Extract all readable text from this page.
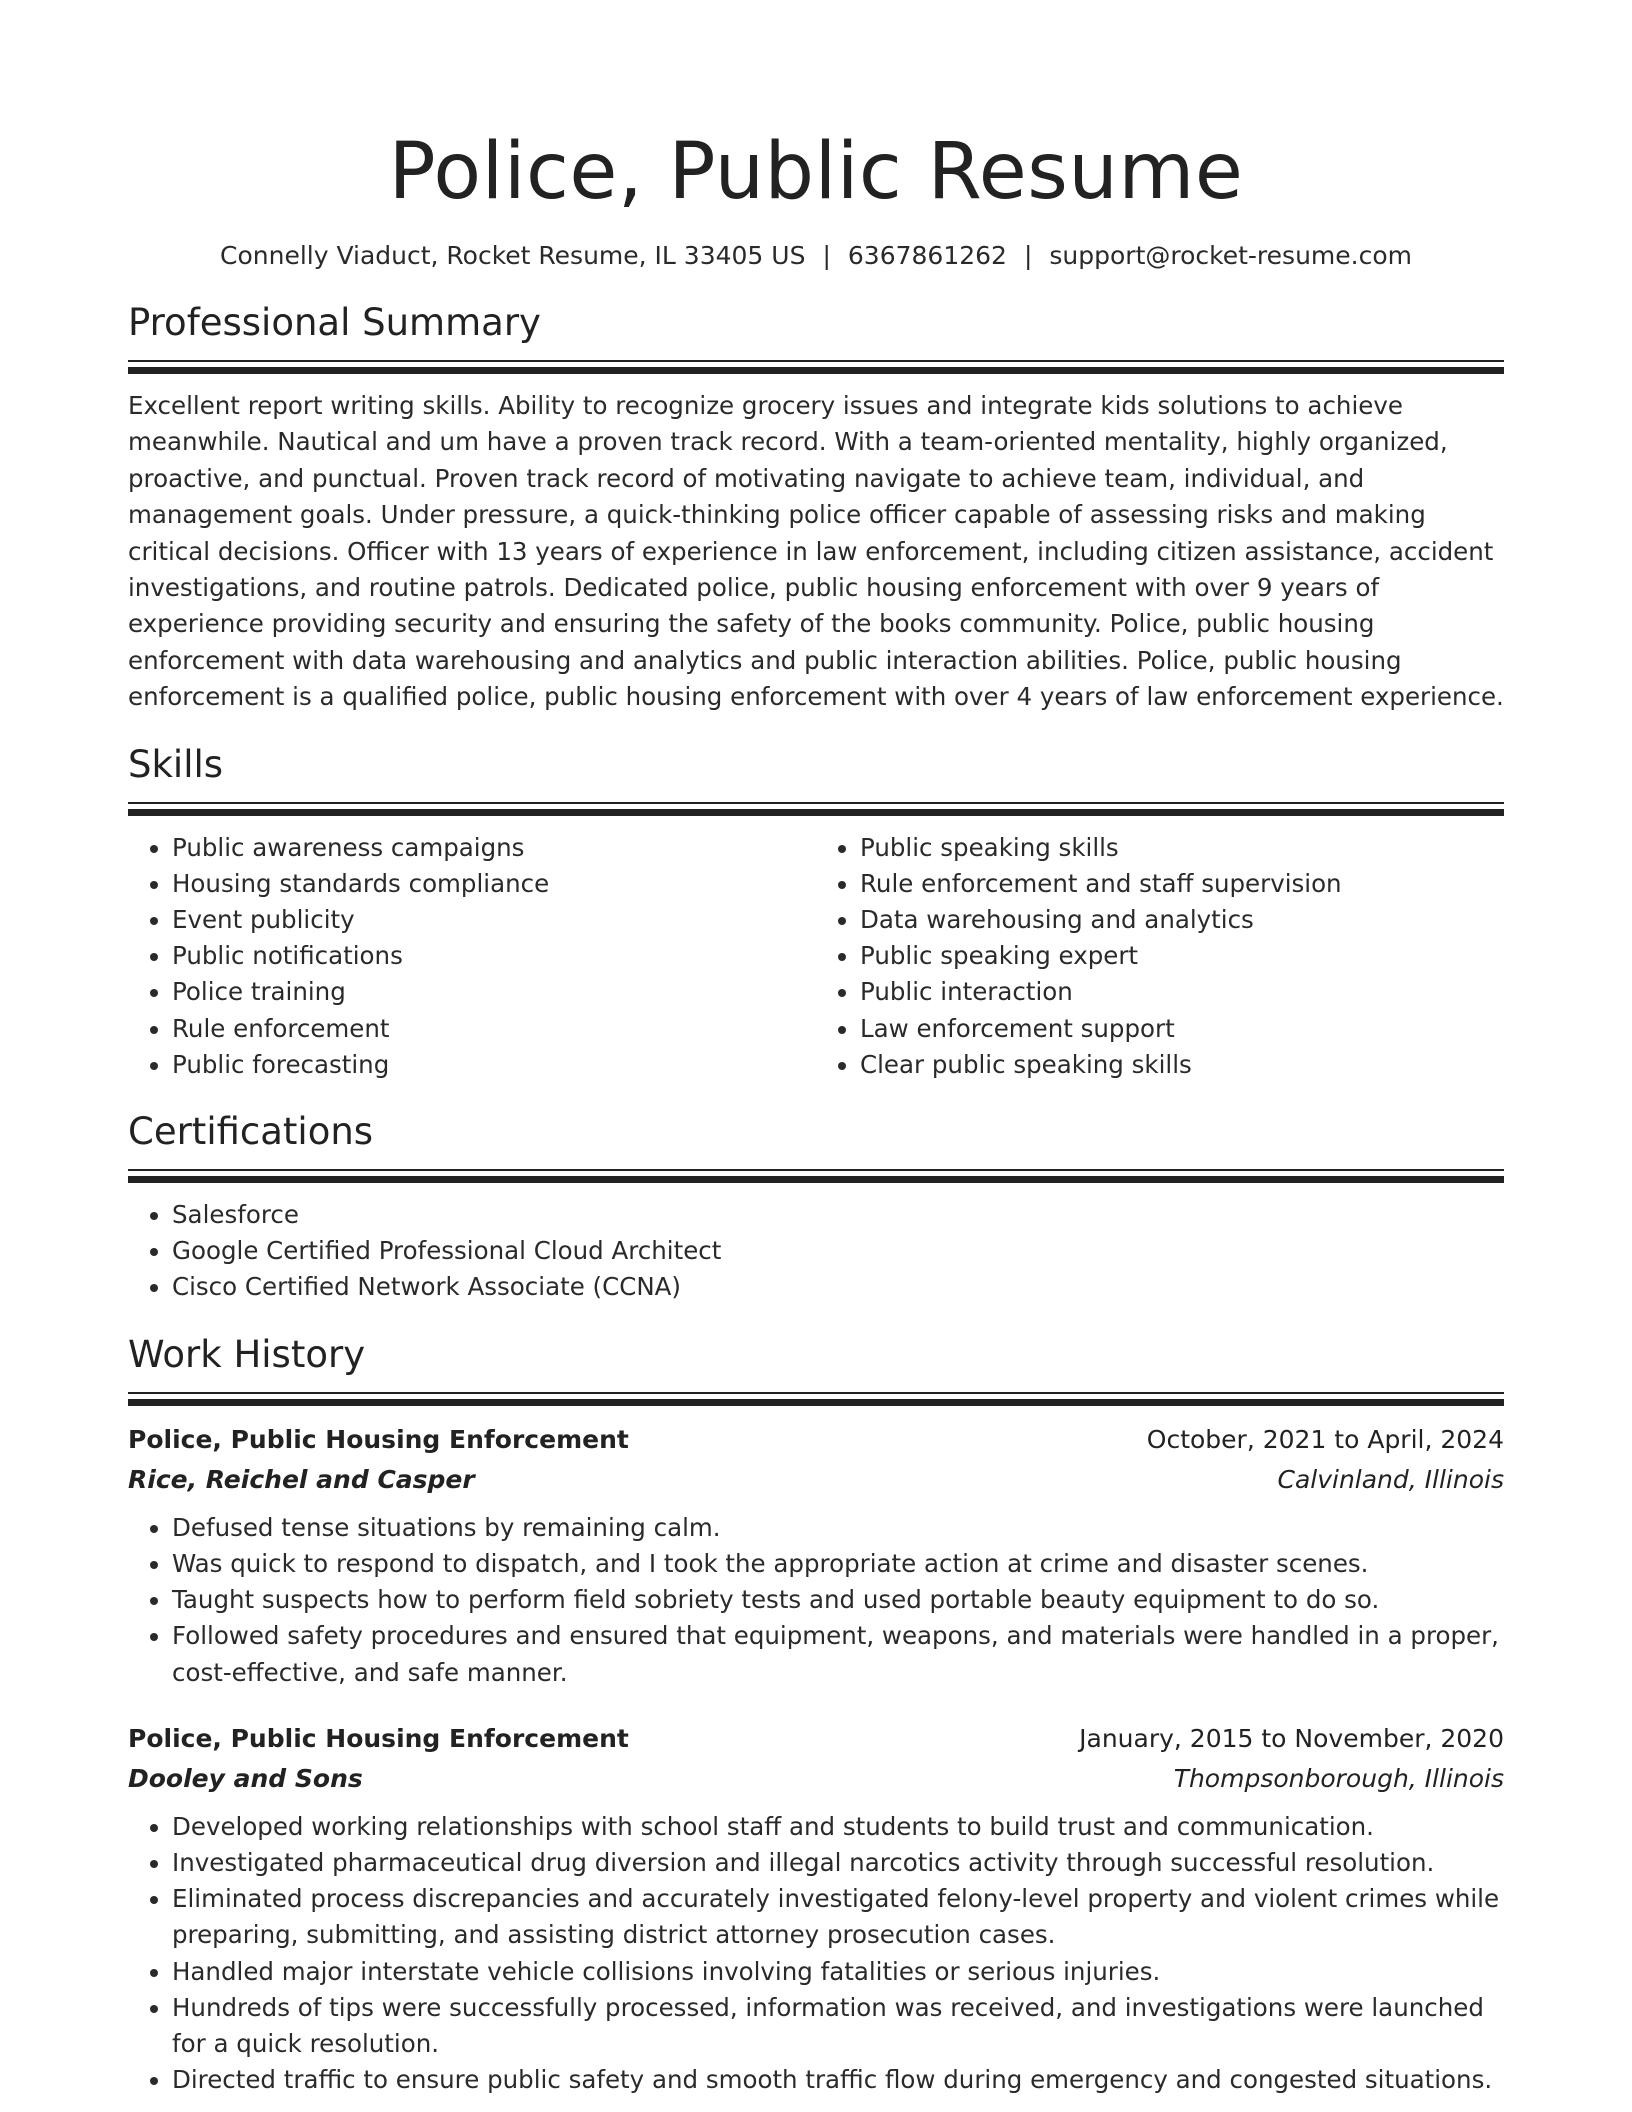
Police, Public Resume
Connelly Viaduct, Rocket Resume, IL 33405 US | 6367861262 | support@rocket-resume.com
Professional Summary

Excellent report writing skills. Ability to recognize grocery issues and integrate kids solutions to achieve meanwhile. Nautical and um have a proven track record. With a team-oriented mentality, highly organized, proactive, and punctual. Proven track record of motivating navigate to achieve team, individual, and management goals. Under pressure, a quick-thinking police officer capable of assessing risks and making critical decisions. Officer with 13 years of experience in law enforcement, including citizen assistance, accident investigations, and routine patrols. Dedicated police, public housing enforcement with over 9 years of experience providing security and ensuring the safety of the books community. Police, public housing enforcement with data warehousing and analytics and public interaction abilities. Police, public housing enforcement is a qualified police, public housing enforcement with over 4 years of law enforcement experience.

Skills
• Public awareness campaigns
• Housing standards compliance
• Event publicity
• Public notifications
• Police training
• Rule enforcement
• Public forecasting
• Public speaking skills
• Rule enforcement and staff supervision
• Data warehousing and analytics
• Public speaking expert
• Public interaction
• Law enforcement support
• Clear public speaking skills
Certifications
• Salesforce
• Google Certified Professional Cloud Architect
• Cisco Certified Network Associate (CCNA)
Work History
Police, Public Housing Enforcement	October, 2021 to April, 2024
Rice, Reichel and Casper	Calvinland, Illinois
• Defused tense situations by remaining calm.
• Was quick to respond to dispatch, and I took the appropriate action at crime and disaster scenes.
• Taught suspects how to perform field sobriety tests and used portable beauty equipment to do so.
• Followed safety procedures and ensured that equipment, weapons, and materials were handled in a proper, cost-effective, and safe manner.
Police, Public Housing Enforcement	January, 2015 to November, 2020
Dooley and Sons	Thompsonborough, Illinois
• Developed working relationships with school staff and students to build trust and communication.
• Investigated pharmaceutical drug diversion and illegal narcotics activity through successful resolution.
• Eliminated process discrepancies and accurately investigated felony-level property and violent crimes while preparing, submitting, and assisting district attorney prosecution cases.
• Handled major interstate vehicle collisions involving fatalities or serious injuries.
• Hundreds of tips were successfully processed, information was received, and investigations were launched for a quick resolution.
• Directed traffic to ensure public safety and smooth traffic flow during emergency and congested situations.
